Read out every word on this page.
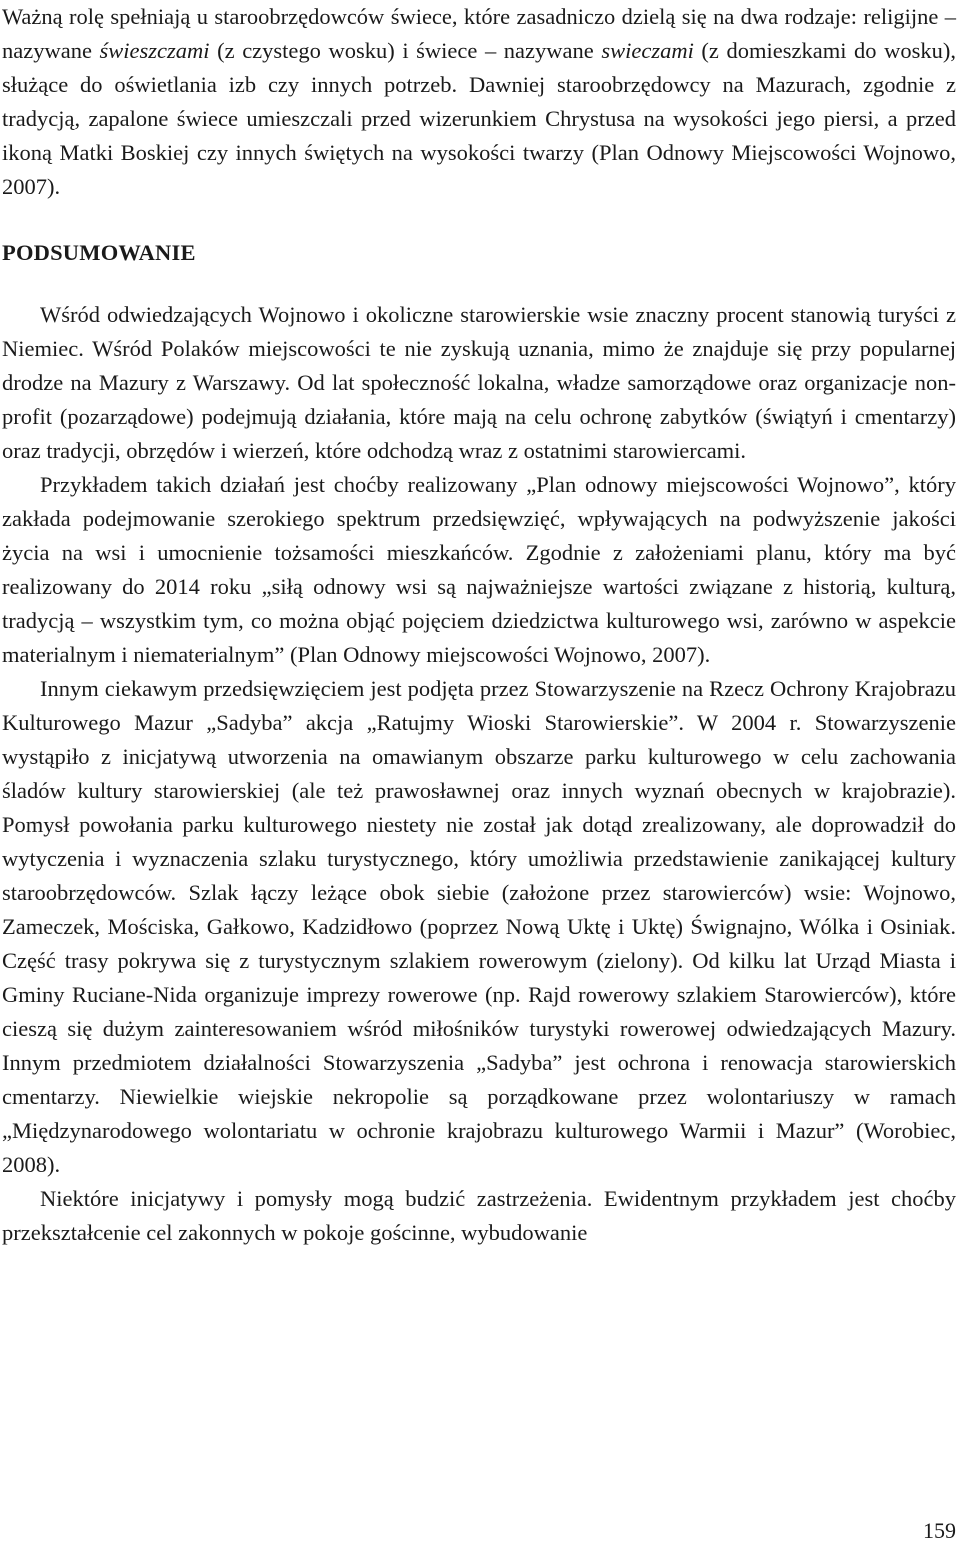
Ważną rolę spełniają u staroobrzędowców świece, które zasadniczo dzielą się na dwa rodzaje: religijne – nazywane świeszczami (z czystego wosku) i świece – nazywane swieczami (z domieszkami do wosku), służące do oświetlania izb czy innych potrzeb. Dawniej staroobrzędowcy na Mazurach, zgodnie z tradycją, zapalone świece umieszczali przed wizerunkiem Chrystusa na wysokości jego piersi, a przed ikoną Matki Boskiej czy innych świętych na wysokości twarzy (Plan Odnowy Miejscowości Wojnowo, 2007).

PODSUMOWANIE

Wśród odwiedzających Wojnowo i okoliczne starowierskie wsie znaczny procent stanowią turyści z Niemiec. Wśród Polaków miejscowości te nie zyskują uznania, mimo że znajduje się przy popularnej drodze na Mazury z Warszawy. Od lat społeczność lokalna, władze samorządowe oraz organizacje non-profit (pozarządowe) podejmują działania, które mają na celu ochronę zabytków (świątyń i cmentarzy) oraz tradycji, obrzędów i wierzeń, które odchodzą wraz z ostatnimi starowiercami.

Przykładem takich działań jest choćby realizowany „Plan odnowy miejscowości Wojnowo”, który zakłada podejmowanie szerokiego spektrum przedsięwzięć, wpływających na podwyższenie jakości życia na wsi i umocnienie tożsamości mieszkańców. Zgodnie z założeniami planu, który ma być realizowany do 2014 roku „siłą odnowy wsi są najważniejsze wartości związane z historią, kulturą, tradycją – wszystkim tym, co można objąć pojęciem dziedzictwa kulturowego wsi, zarówno w aspekcie materialnym i niematerialnym” (Plan Odnowy miejscowości Wojnowo, 2007).

Innym ciekawym przedsięwzięciem jest podjęta przez Stowarzyszenie na Rzecz Ochrony Krajobrazu Kulturowego Mazur „Sadyba” akcja „Ratujmy Wioski Starowierskie”. W 2004 r. Stowarzyszenie wystąpiło z inicjatywą utworzenia na omawianym obszarze parku kulturowego w celu zachowania śladów kultury starowierskiej (ale też prawosławnej oraz innych wyznań obecnych w krajobrazie). Pomysł powołania parku kulturowego niestety nie został jak dotąd zrealizowany, ale doprowadził do wytyczenia i wyznaczenia szlaku turystycznego, który umożliwia przedstawienie zanikającej kultury staroobrzędowców. Szlak łączy leżące obok siebie (założone przez starowierców) wsie: Wojnowo, Zameczek, Mościska, Gałkowo, Kadzidłowo (poprzez Nową Uktę i Uktę) Śwignajno, Wólka i Osiniak. Część trasy pokrywa się z turystycznym szlakiem rowerowym (zielony). Od kilku lat Urząd Miasta i Gminy Ruciane-Nida organizuje imprezy rowerowe (np. Rajd rowerowy szlakiem Starowierców), które cieszą się dużym zainteresowaniem wśród miłośników turystyki rowerowej odwiedzających Mazury. Innym przedmiotem działalności Stowarzyszenia „Sadyba” jest ochrona i renowacja starowierskich cmentarzy. Niewielkie wiejskie nekropolie są porządkowane przez wolontariuszy w ramach „Międzynarodowego wolontariatu w ochronie krajobrazu kulturowego Warmii i Mazur” (Worobiec, 2008).

Niektóre inicjatywy i pomysły mogą budzić zastrzeżenia. Ewidentnym przykładem jest choćby przekształcenie cel zakonnych w pokoje gościnne, wybudowanie

159
